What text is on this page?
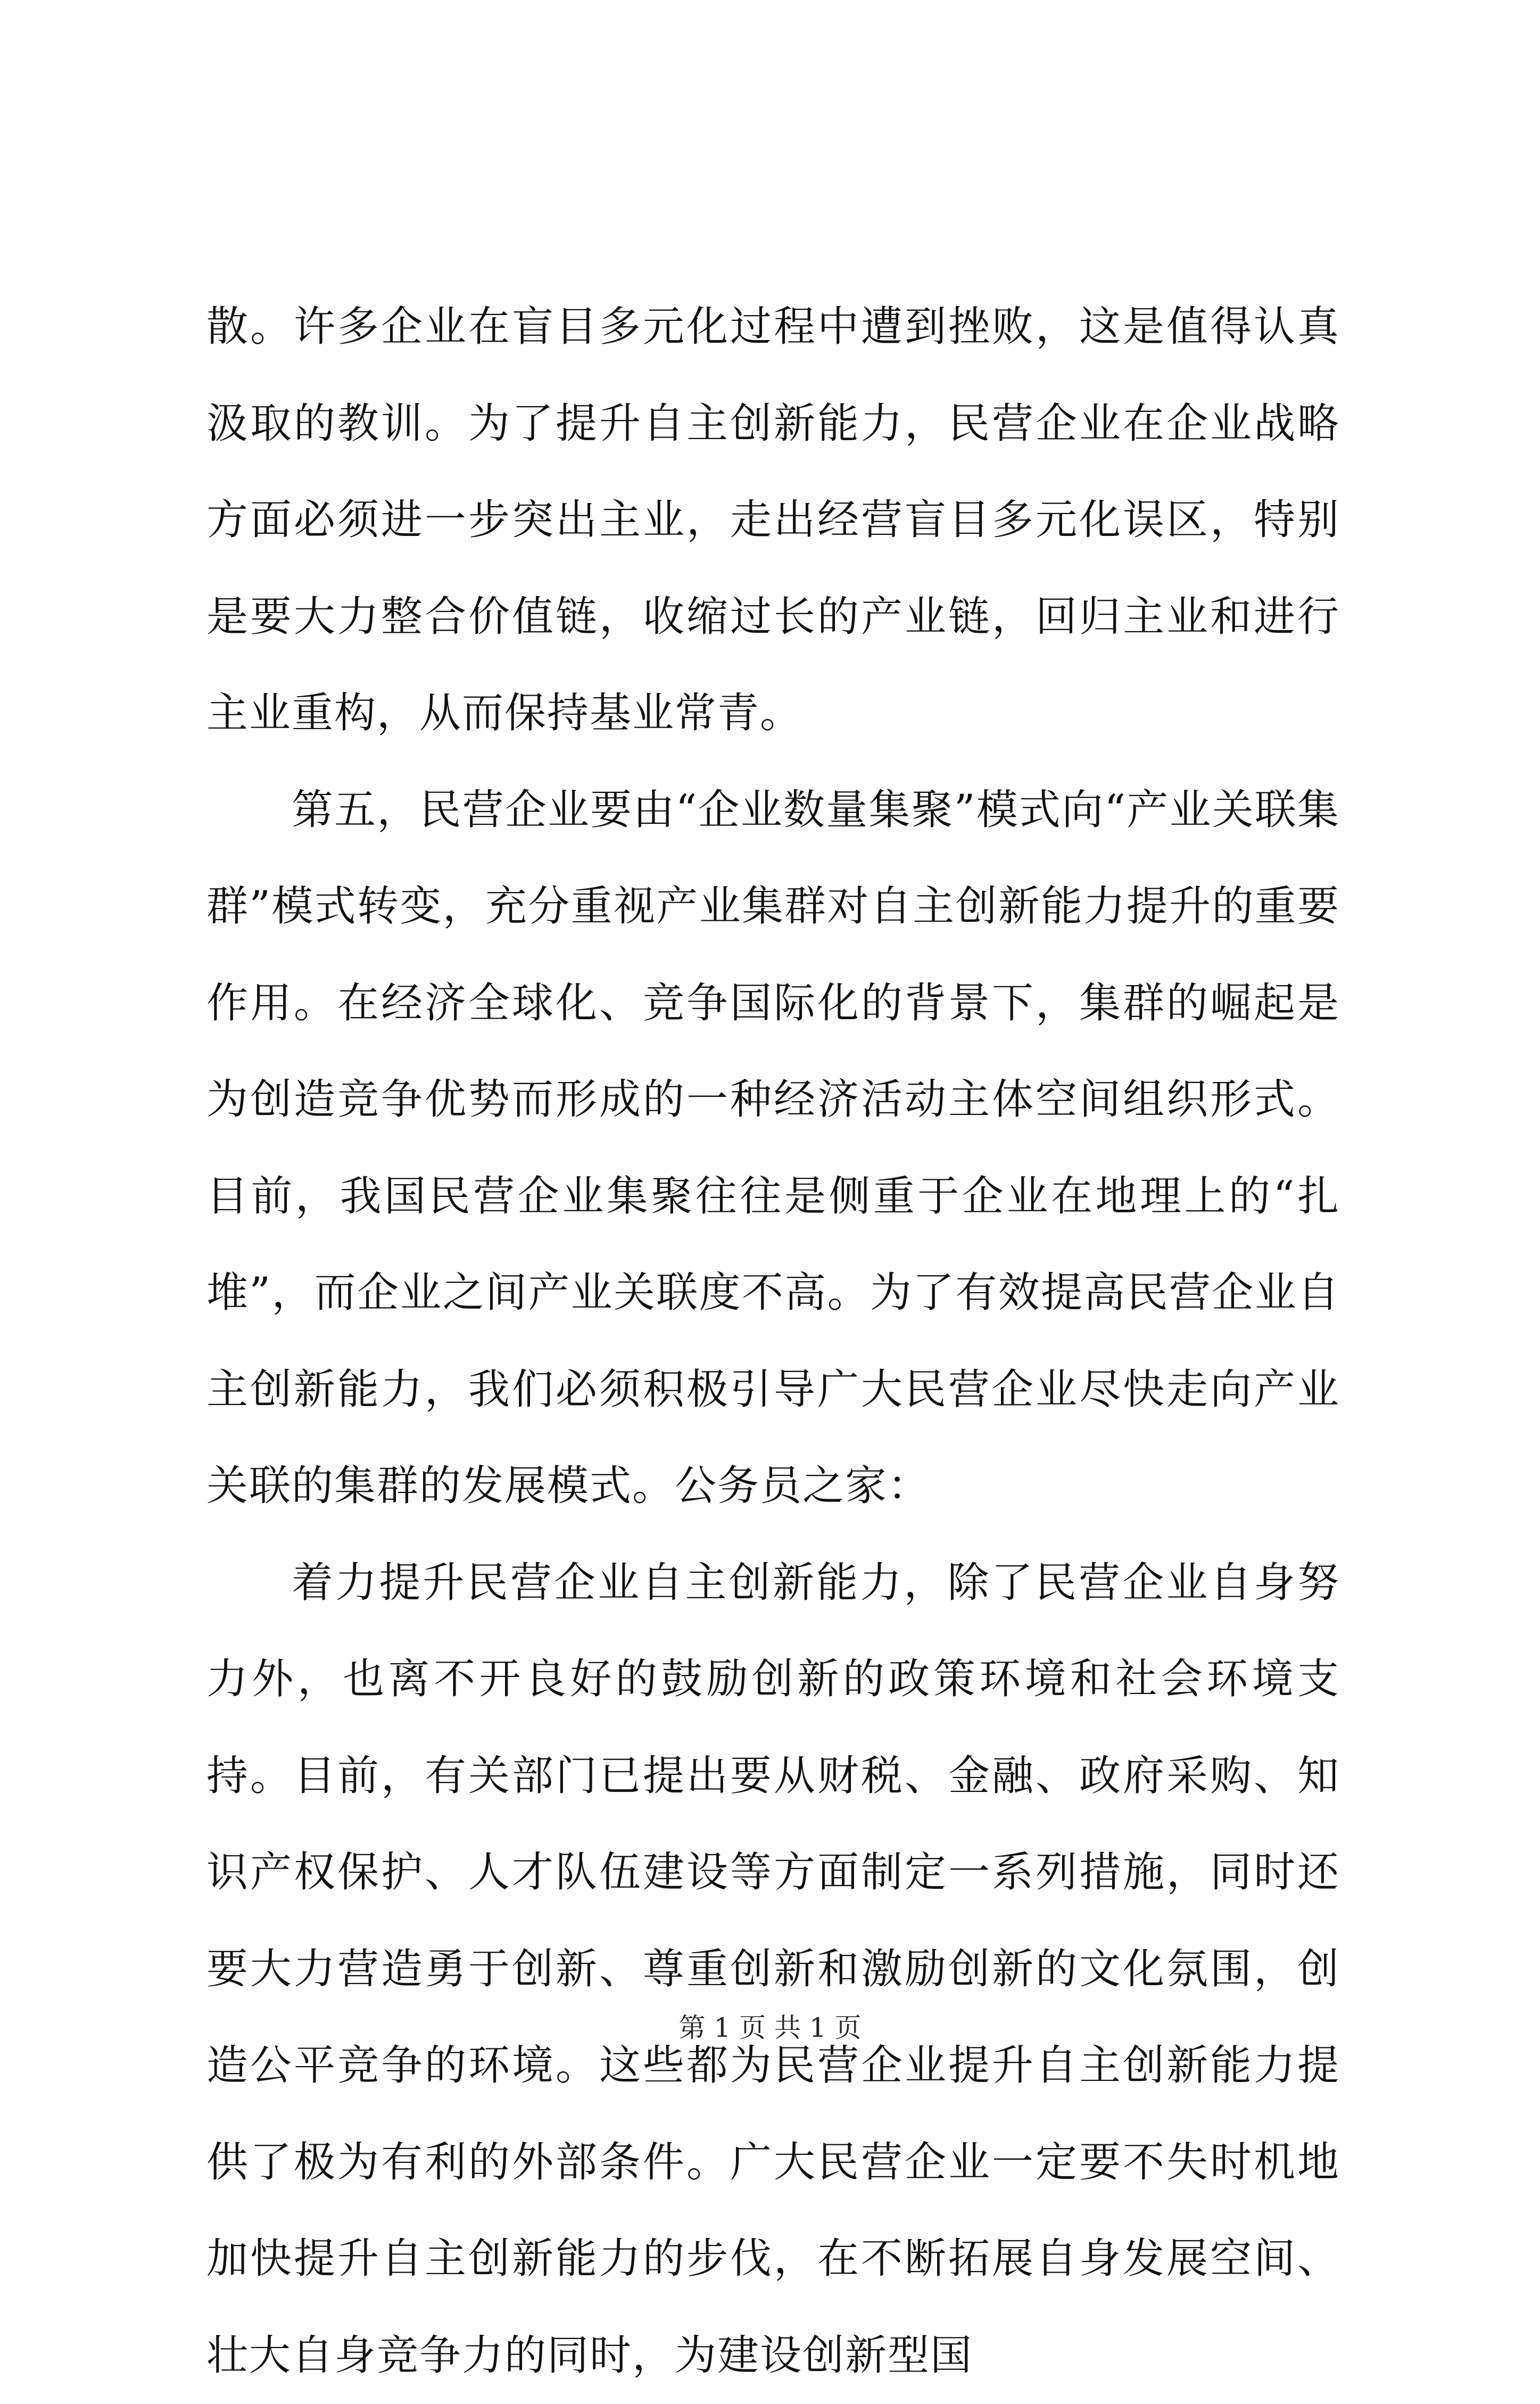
散。许多企业在盲目多元化过程中遭到挫败，这是值得认真汲取的教训。为了提升自主创新能力，民营企业在企业战略方面必须进一步突出主业，走出经营盲目多元化误区，特别是要大力整合价值链，收缩过长的产业链，回归主业和进行主业重构，从而保持基业常青。

第五，民营企业要由“企业数量集聚”模式向“产业关联集群”模式转变，充分重视产业集群对自主创新能力提升的重要作用。在经济全球化、竞争国际化的背景下，集群的崛起是为创造竞争优势而形成的一种经济活动主体空间组织形式。目前，我国民营企业集聚往往是侧重于企业在地理上的“扎堆”，而企业之间产业关联度不高。为了有效提高民营企业自主创新能力，我们必须积极引导广大民营企业尽快走向产业关联的集群的发展模式。公务员之家：

着力提升民营企业自主创新能力，除了民营企业自身努力外，也离不开良好的鼓励创新的政策环境和社会环境支持。目前，有关部门已提出要从财税、金融、政府采购、知识产权保护、人才队伍建设等方面制定一系列措施，同时还要大力营造勇于创新、尊重创新和激励创新的文化氛围，创造公平竞争的环境。这些都为民营企业提升自主创新能力提供了极为有利的外部条件。广大民营企业一定要不失时机地加快提升自主创新能力的步伐，在不断拓展自身发展空间、壮大自身竞争力的同时，为建设创新型国

第 1 页 共 1 页
